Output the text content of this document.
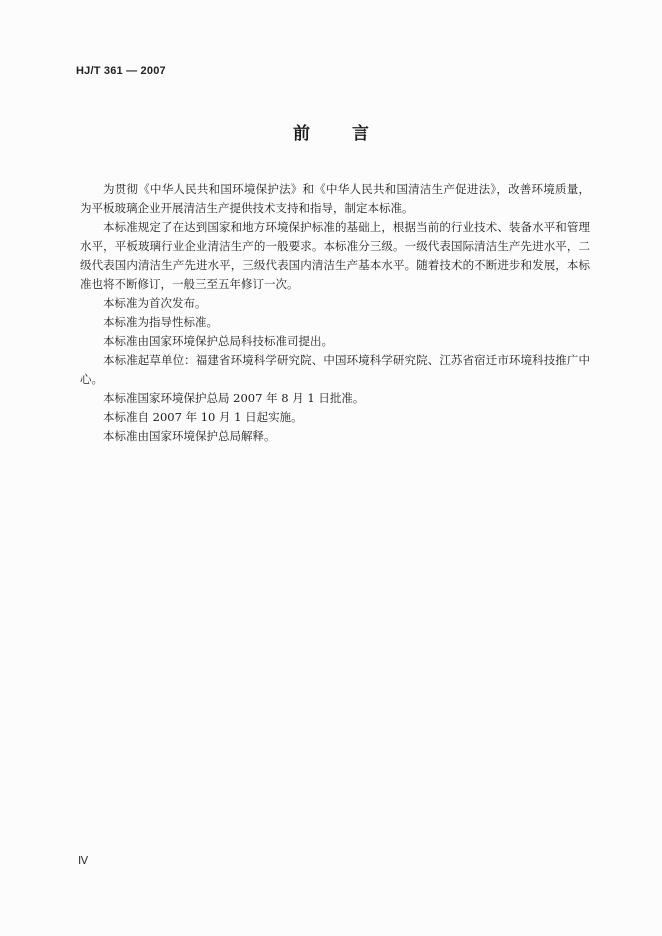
HJ/T 361 — 2007
前言

为贯彻《中华人民共和国环境保护法》和《中华人民共和国清洁生产促进法》，改善环境质量，为平板玻璃企业开展清洁生产提供技术支持和指导，制定本标准。

本标准规定了在达到国家和地方环境保护标准的基础上，根据当前的行业技术、装备水平和管理水平，平板玻璃行业企业清洁生产的一般要求。本标准分三级。一级代表国际清洁生产先进水平，二级代表国内清洁生产先进水平，三级代表国内清洁生产基本水平。随着技术的不断进步和发展，本标准也将不断修订，一般三至五年修订一次。

本标准为首次发布。

本标准为指导性标准。

本标准由国家环境保护总局科技标准司提出。

本标准起草单位：福建省环境科学研究院、中国环境科学研究院、江苏省宿迁市环境科技推广中心。

本标准国家环境保护总局 2007 年 8 月 1 日批准。

本标准自 2007 年 10 月 1 日起实施。

本标准由国家环境保护总局解释。

Ⅳ
